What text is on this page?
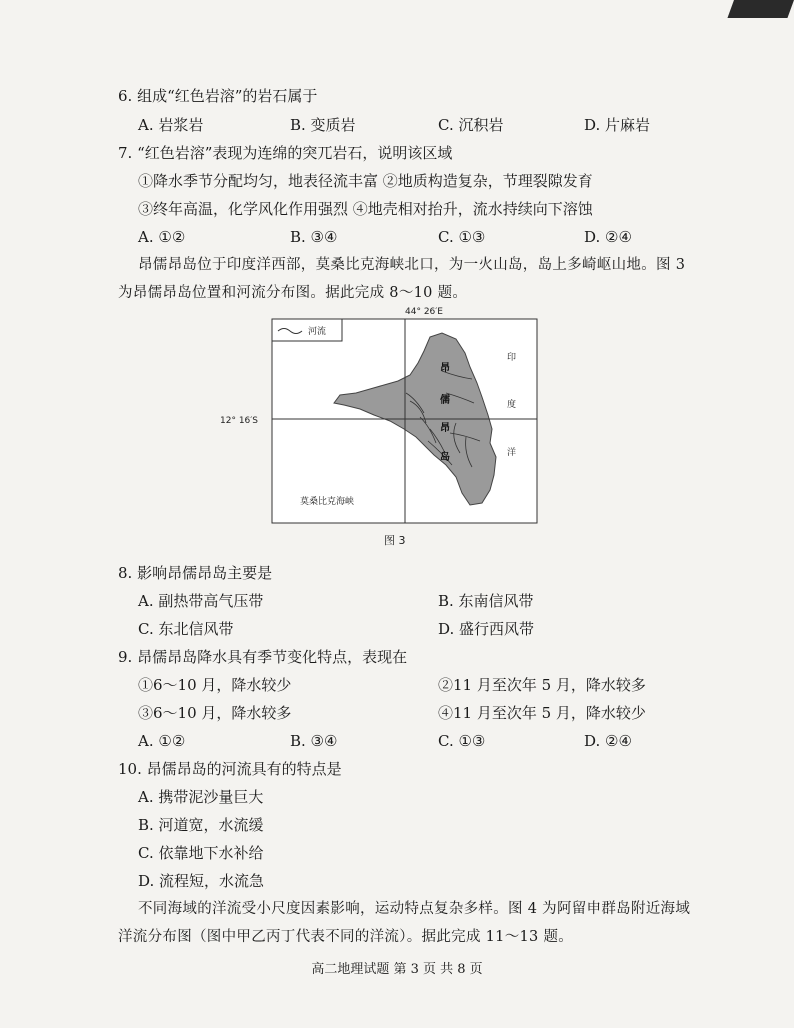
6. 组成“红色岩溶”的岩石属于
A. 岩浆岩	B. 变质岩	C. 沉积岩	D. 片麻岩
7. “红色岩溶”表现为连绵的突兀岩石，说明该区域
①降水季节分配均匀，地表径流丰富 ②地质构造复杂，节理裂隙发育
③终年高温，化学风化作用强烈 ④地壳相对抬升，流水持续向下溶蚀
A. ①②	B. ③④	C. ①③	D. ②④
昂儒昂岛位于印度洋西部，莫桑比克海峡北口，为一火山岛，岛上多崎岖山地。图 3
为昂儒昂岛位置和河流分布图。据此完成 8～10 题。
44° 26′E
12° 16′S
河流
昂
儒
昂
岛
印
度
洋
莫桑比克海峡
图 3
8. 影响昂儒昂岛主要是
A. 副热带高气压带	B. 东南信风带
C. 东北信风带	D. 盛行西风带
9. 昂儒昂岛降水具有季节变化特点，表现在
①6～10 月，降水较少	②11 月至次年 5 月，降水较多
③6～10 月，降水较多	④11 月至次年 5 月，降水较少
A. ①②	B. ③④	C. ①③	D. ②④
10. 昂儒昂岛的河流具有的特点是
A. 携带泥沙量巨大
B. 河道宽，水流缓
C. 依靠地下水补给
D. 流程短，水流急
不同海域的洋流受小尺度因素影响，运动特点复杂多样。图 4 为阿留申群岛附近海域
洋流分布图（图中甲乙丙丁代表不同的洋流）。据此完成 11～13 题。
高二地理试题 第 3 页 共 8 页
